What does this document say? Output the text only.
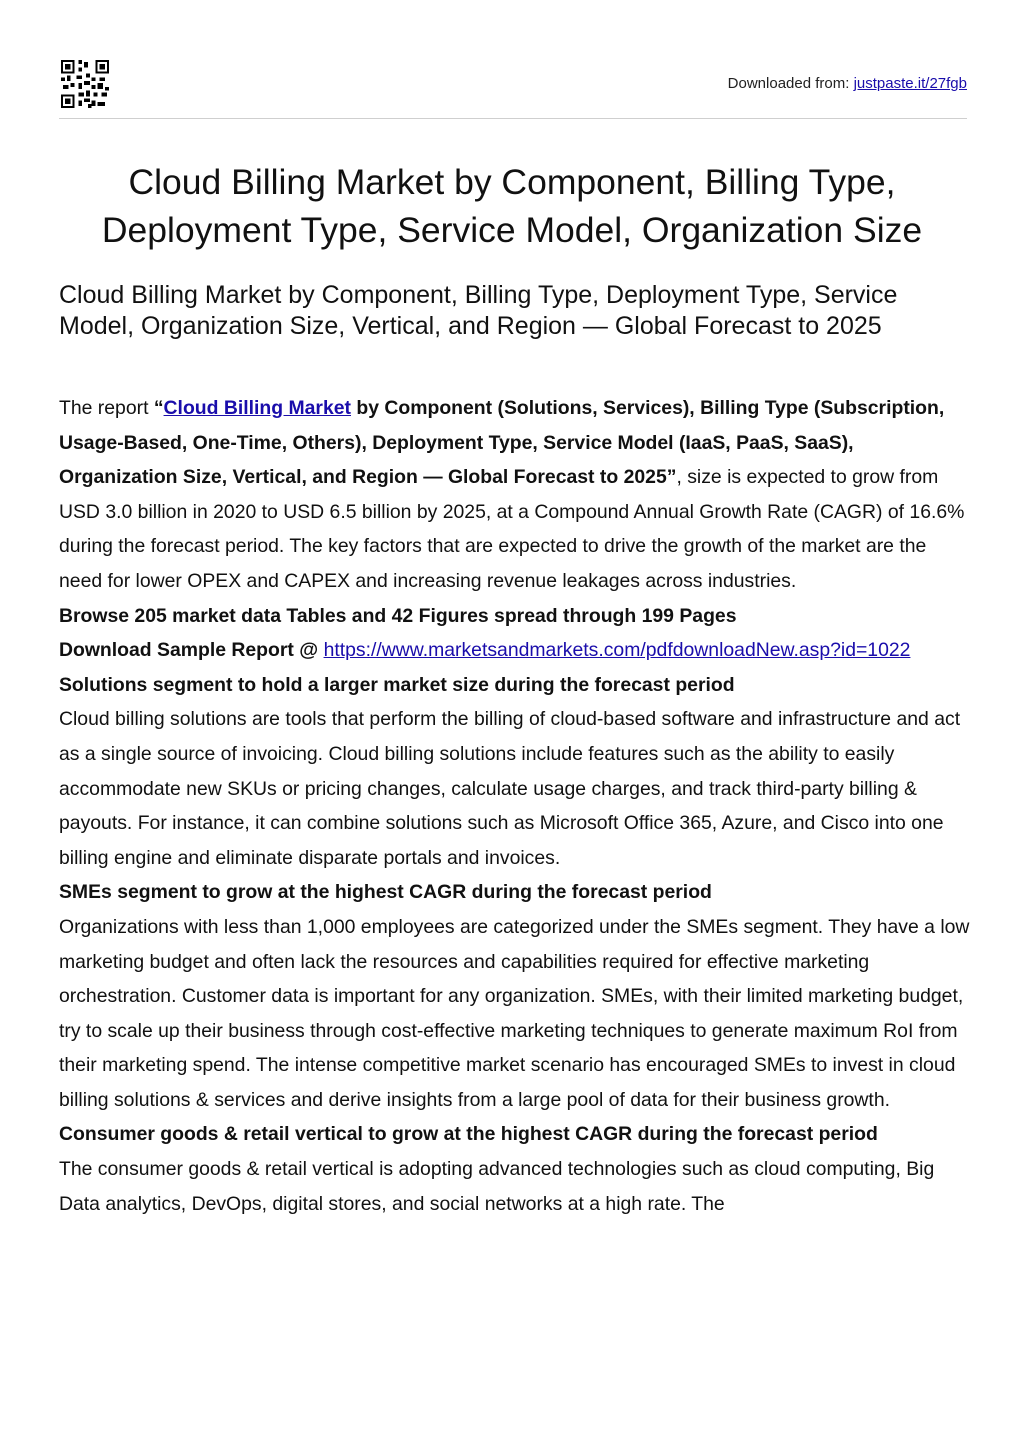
Downloaded from: justpaste.it/27fgb
Cloud Billing Market by Component, Billing Type, Deployment Type, Service Model, Organization Size
Cloud Billing Market by Component, Billing Type, Deployment Type, Service Model, Organization Size, Vertical, and Region — Global Forecast to 2025

The report “Cloud Billing Market by Component (Solutions, Services), Billing Type (Subscription, Usage-Based, One-Time, Others), Deployment Type, Service Model (IaaS, PaaS, SaaS), Organization Size, Vertical, and Region — Global Forecast to 2025”, size is expected to grow from USD 3.0 billion in 2020 to USD 6.5 billion by 2025, at a Compound Annual Growth Rate (CAGR) of 16.6% during the forecast period. The key factors that are expected to drive the growth of the market are the need for lower OPEX and CAPEX and increasing revenue leakages across industries.

Browse 205 market data Tables and 42 Figures spread through 199 Pages

Download Sample Report @ https://www.marketsandmarkets.com/pdfdownloadNew.asp?id=1022

Solutions segment to hold a larger market size during the forecast period

Cloud billing solutions are tools that perform the billing of cloud-based software and infrastructure and act as a single source of invoicing. Cloud billing solutions include features such as the ability to easily accommodate new SKUs or pricing changes, calculate usage charges, and track third-party billing & payouts. For instance, it can combine solutions such as Microsoft Office 365, Azure, and Cisco into one billing engine and eliminate disparate portals and invoices.

SMEs segment to grow at the highest CAGR during the forecast period

Organizations with less than 1,000 employees are categorized under the SMEs segment. They have a low marketing budget and often lack the resources and capabilities required for effective marketing orchestration. Customer data is important for any organization. SMEs, with their limited marketing budget, try to scale up their business through cost-effective marketing techniques to generate maximum RoI from their marketing spend. The intense competitive market scenario has encouraged SMEs to invest in cloud billing solutions & services and derive insights from a large pool of data for their business growth.

Consumer goods & retail vertical to grow at the highest CAGR during the forecast period

The consumer goods & retail vertical is adopting advanced technologies such as cloud computing, Big Data analytics, DevOps, digital stores, and social networks at a high rate. The
